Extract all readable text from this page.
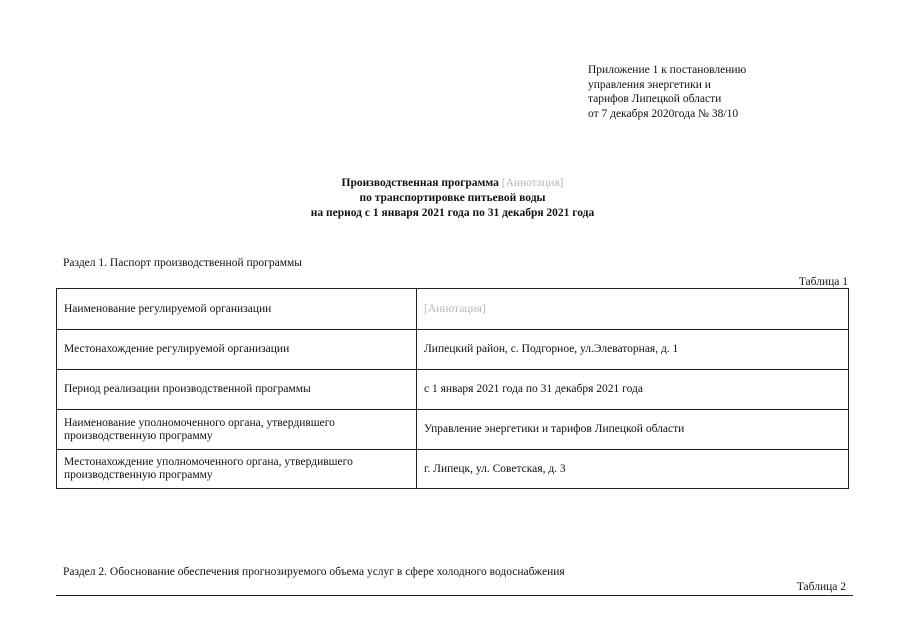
Приложение 1 к постановлению
управления энергетики и
тарифов Липецкой области
от 7 декабря 2020года № 38/10
Производственная программа [Аннотация]
по транспортировке питьевой воды
на период с 1 января 2021 года по 31 декабря 2021 года
Раздел 1. Паспорт производственной программы
Таблица 1
Наименование регулируемой организации	[Аннотация]
Местонахождение регулируемой организации	Липецкий район, с. Подгорное, ул.Элеваторная, д. 1
Период реализации производственной программы	с 1 января 2021 года по 31 декабря 2021 года
Наименование уполномоченного органа, утвердившего производственную программу	Управление энергетики и тарифов Липецкой области
Местонахождение уполномоченного органа, утвердившего производственную программу	г. Липецк, ул. Советская, д. 3
Раздел 2. Обоснование обеспечения прогнозируемого объема услуг в сфере холодного водоснабжения
Таблица 2
